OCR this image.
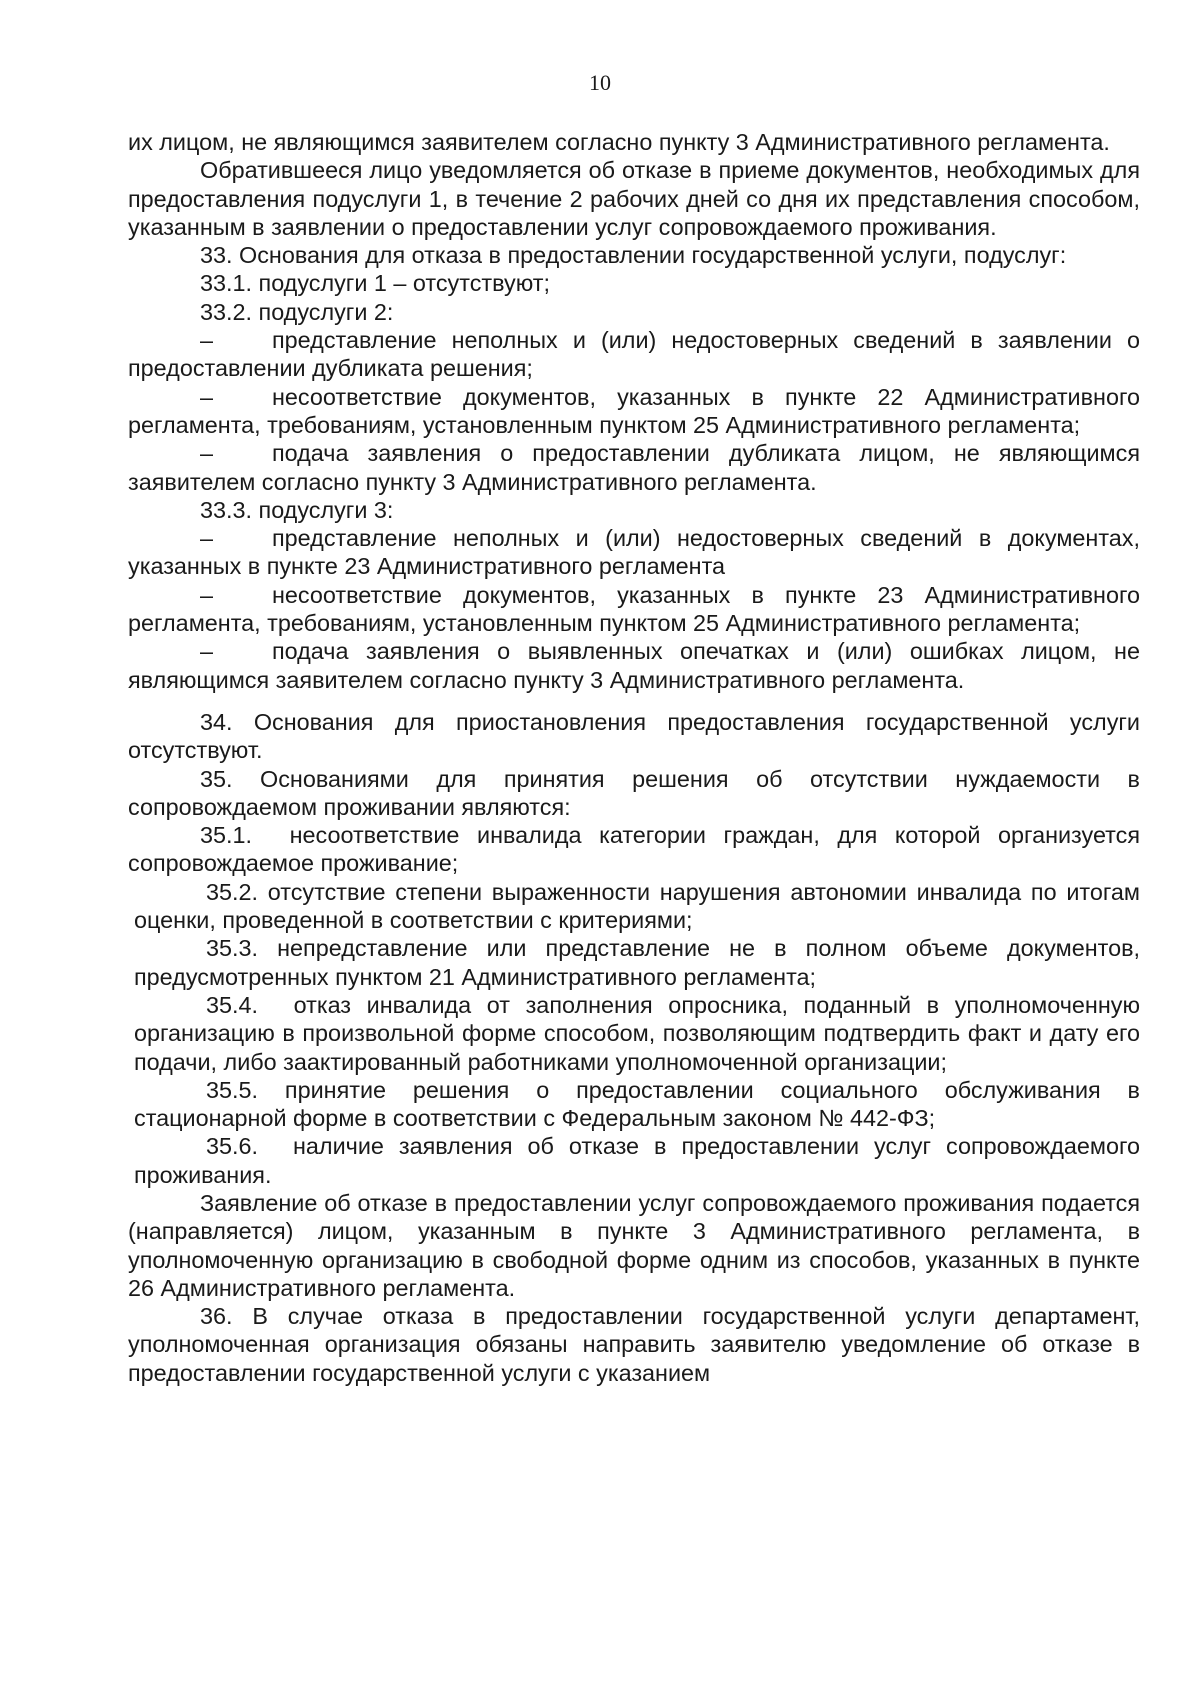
10

их лицом, не являющимся заявителем согласно пункту 3 Административного регламента.

Обратившееся лицо уведомляется об отказе в приеме документов, необходимых для предоставления подуслуги 1, в течение 2 рабочих дней со дня их представления способом, указанным в заявлении о предоставлении услуг сопровождаемого проживания.

33. Основания для отказа в предоставлении государственной услуги, подуслуг:

33.1. подуслуги 1 – отсутствуют;

33.2. подуслуги 2:

–	представление неполных и (или) недостоверных сведений в заявлении о предоставлении дубликата решения;

–	несоответствие документов, указанных в пункте 22 Административного регламента, требованиям, установленным пунктом 25 Административного регламента;

–	подача заявления о предоставлении дубликата лицом, не являющимся заявителем согласно пункту 3 Административного регламента.

33.3. подуслуги 3:

–	представление неполных и (или) недостоверных сведений в документах, указанных в пункте 23 Административного регламента

–	несоответствие документов, указанных в пункте 23 Административного регламента, требованиям, установленным пунктом 25 Административного регламента;

–	подача заявления о выявленных опечатках и (или) ошибках лицом, не являющимся заявителем согласно пункту 3 Административного регламента.

34. Основания для приостановления предоставления государственной услуги отсутствуют.

35. Основаниями для принятия решения об отсутствии нуждаемости в сопровождаемом проживании являются:

35.1. несоответствие инвалида категории граждан, для которой организуется сопровождаемое проживание;

35.2. отсутствие степени выраженности нарушения автономии инвалида по итогам оценки, проведенной в соответствии с критериями;

35.3. непредставление или представление не в полном объеме документов, предусмотренных пунктом 21 Административного регламента;

35.4. отказ инвалида от заполнения опросника, поданный в уполномоченную организацию в произвольной форме способом, позволяющим подтвердить факт и дату его подачи, либо заактированный работниками уполномоченной организации;

35.5. принятие решения о предоставлении социального обслуживания в стационарной форме в соответствии с Федеральным законом № 442-ФЗ;

35.6. наличие заявления об отказе в предоставлении услуг сопровождаемого проживания.

Заявление об отказе в предоставлении услуг сопровождаемого проживания подается (направляется) лицом, указанным в пункте 3 Административного регламента, в уполномоченную организацию в свободной форме одним из способов, указанных в пункте 26 Административного регламента.

36. В случае отказа в предоставлении государственной услуги департамент, уполномоченная организация обязаны направить заявителю уведомление об отказе в предоставлении государственной услуги с указанием
